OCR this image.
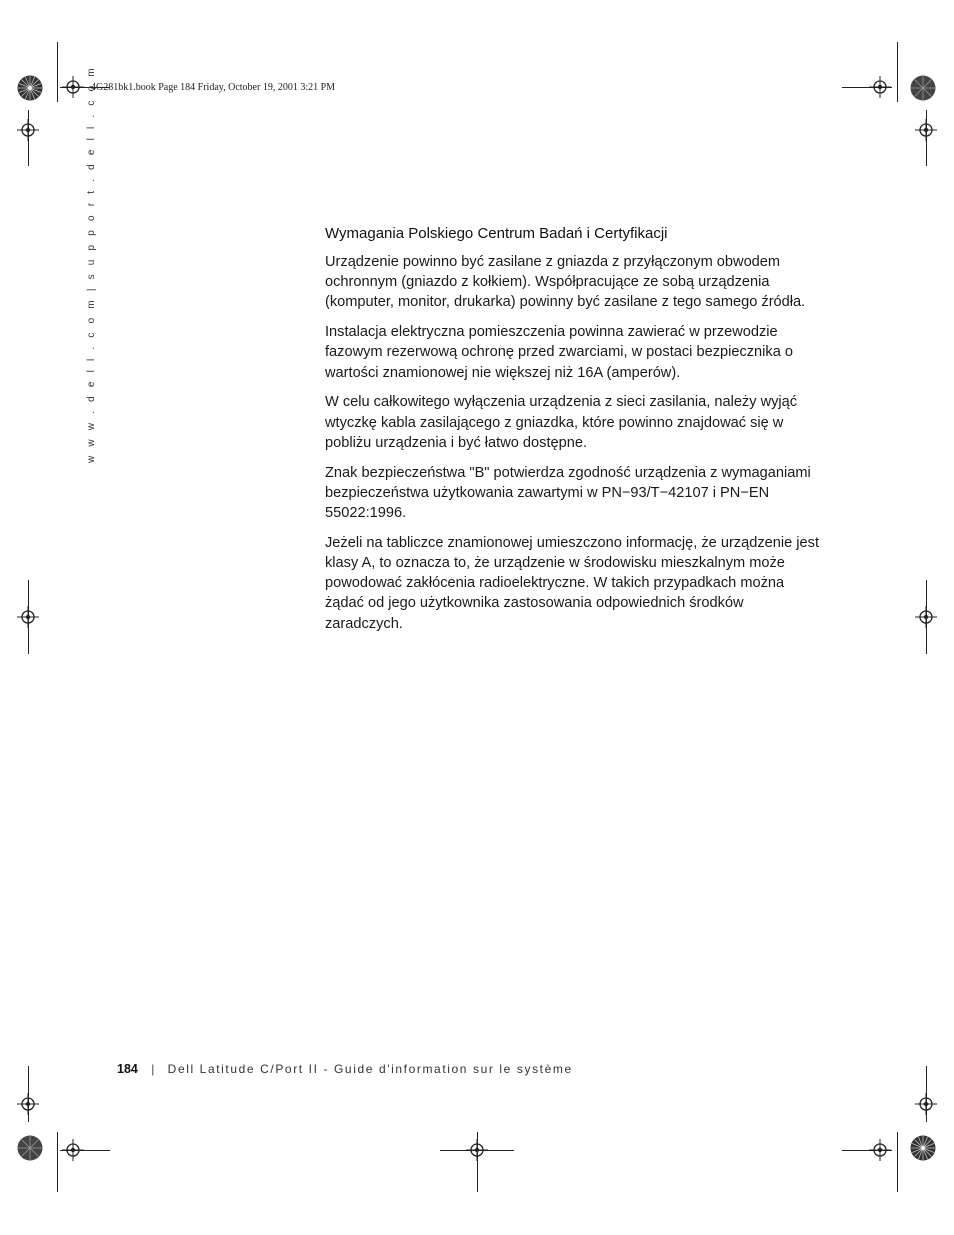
4G281bk1.book Page 184 Friday, October 19, 2001 3:21 PM
w w w . d e l l . c o m | s u p p o r t . d e l l . c o m	Wymagania Polskiego Centrum Badań i Certyfikacji

Urządzenie powinno być zasilane z gniazda z przyłączonym obwodem ochronnym (gniazdo z kołkiem). Współpracujące ze sobą urządzenia (komputer, monitor, drukarka) powinny być zasilane z tego samego źródła.

Instalacja elektryczna pomieszczenia powinna zawierać w przewodzie fazowym rezerwową ochronę przed zwarciami, w postaci bezpiecznika o wartości znamionowej nie większej niż 16A (amperów).

W celu całkowitego wyłączenia urządzenia z sieci zasilania, należy wyjąć wtyczkę kabla zasilającego z gniazdka, które powinno znajdować się w pobliżu urządzenia i być łatwo dostępne.

Znak bezpieczeństwa "B" potwierdza zgodność urządzenia z wymaganiami bezpieczeństwa użytkowania zawartymi w PN−93/T−42107 i PN−EN 55022:1996.

Jeżeli na tabliczce znamionowej umieszczono informację, że urządzenie jest klasy A, to oznacza to, że urządzenie w środowisku mieszkalnym może powodować zakłócenia radioelektryczne. W takich przypadkach można żądać od jego użytkownika zastosowania odpowiednich środków zaradczych.

184 | Dell Latitude C/Port II - Guide d'information sur le système
